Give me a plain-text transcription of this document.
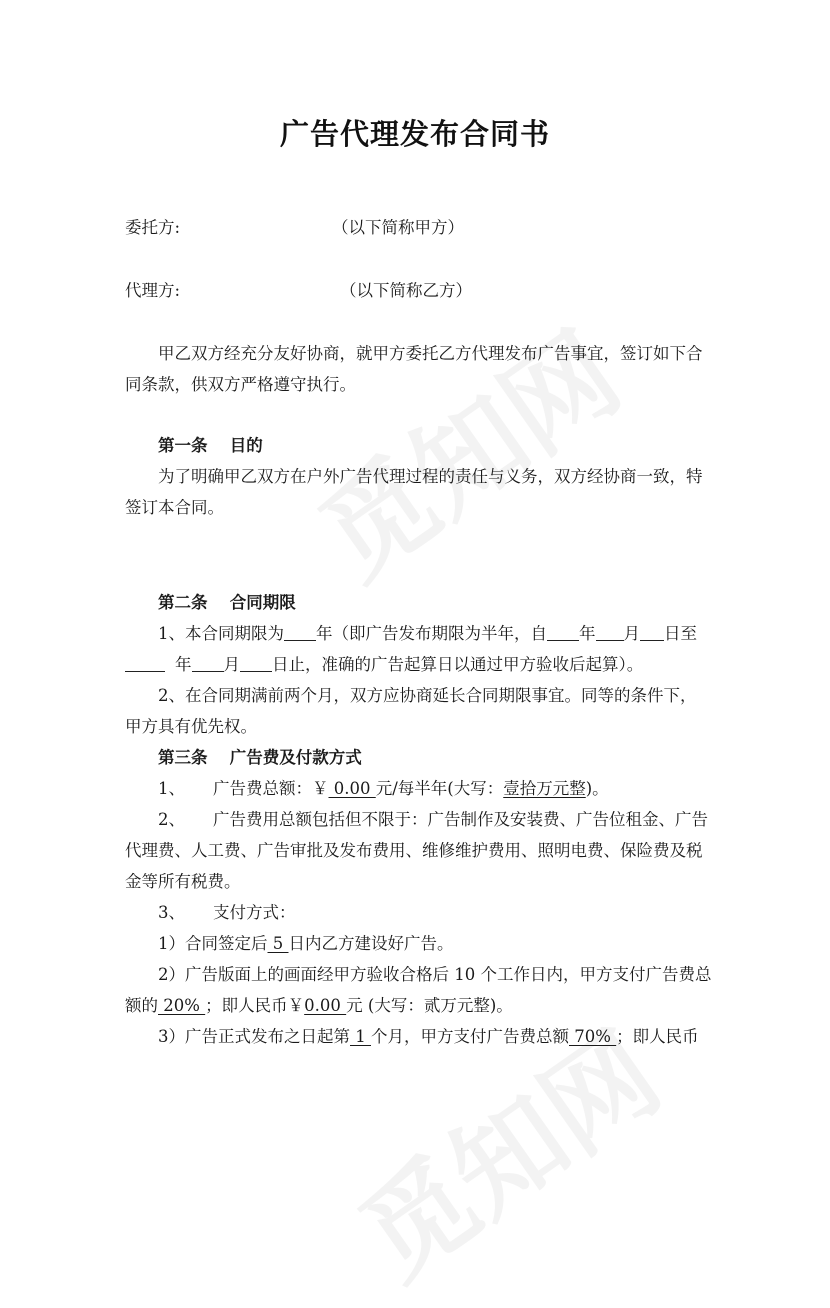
广告代理发布合同书
委托方:	（以下简称甲方）
代理方:	（以下简称乙方）
甲乙双方经充分友好协商，就甲方委托乙方代理发布广告事宜，签订如下合
同条款，供双方严格遵守执行。
第一条　 目的
为了明确甲乙双方在户外广告代理过程的责任与义务，双方经协商一致，特
签订本合同。
第二条　 合同期限
1、本合同期限为 年（即广告发布期限为半年，自 年 月 日至
年 月 日止，准确的广告起算日以通过甲方验收后起算）。
2、在合同期满前两个月，双方应协商延长合同期限事宜。同等的条件下，
甲方具有优先权。
第三条　 广告费及付款方式
1、 广告费总额：￥ 0.00 元/每半年(大写：壹拾万元整)。
2、 广告费用总额包括但不限于：广告制作及安装费、广告位租金、广告
代理费、人工费、广告审批及发布费用、维修维护费用、照明电费、保险费及税
金等所有税费。
3、 支付方式：
1）合同签定后 5 日内乙方建设好广告。
2）广告版面上的画面经甲方验收合格后 10 个工作日内，甲方支付广告费总
额的 20% ；即人民币￥0.00 元 (大写：贰万元整)。
3）广告正式发布之日起第 1 个月，甲方支付广告费总额 70% ；即人民币
